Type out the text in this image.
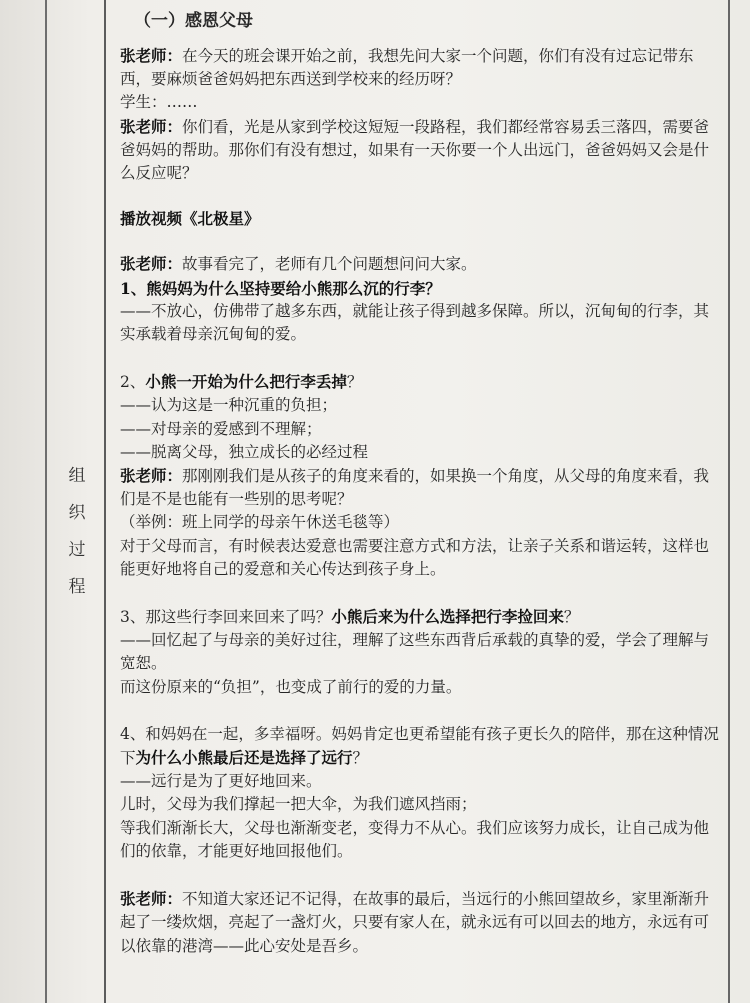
组
织
过
程
（一）感恩父母

张老师：在今天的班会课开始之前，我想先问大家一个问题，你们有没有过忘记带东西，要麻烦爸爸妈妈把东西送到学校来的经历呀？

学生：……

张老师：你们看，光是从家到学校这短短一段路程，我们都经常容易丢三落四，需要爸爸妈妈的帮助。那你们有没有想过，如果有一天你要一个人出远门，爸爸妈妈又会是什么反应呢？

播放视频《北极星》

张老师：故事看完了，老师有几个问题想问问大家。

1、熊妈妈为什么坚持要给小熊那么沉的行李？

——不放心，仿佛带了越多东西，就能让孩子得到越多保障。所以，沉甸甸的行李，其实承载着母亲沉甸甸的爱。

2、小熊一开始为什么把行李丢掉？

——认为这是一种沉重的负担；

——对母亲的爱感到不理解；

——脱离父母，独立成长的必经过程

张老师：那刚刚我们是从孩子的角度来看的，如果换一个角度，从父母的角度来看，我们是不是也能有一些别的思考呢？

（举例：班上同学的母亲午休送毛毯等）

对于父母而言，有时候表达爱意也需要注意方式和方法，让亲子关系和谐运转，这样也能更好地将自己的爱意和关心传达到孩子身上。

3、那这些行李回来回来了吗？小熊后来为什么选择把行李捡回来？

——回忆起了与母亲的美好过往，理解了这些东西背后承载的真挚的爱，学会了理解与宽恕。

而这份原来的“负担”，也变成了前行的爱的力量。

4、和妈妈在一起，多幸福呀。妈妈肯定也更希望能有孩子更长久的陪伴，那在这种情况下为什么小熊最后还是选择了远行？

——远行是为了更好地回来。

儿时，父母为我们撑起一把大伞，为我们遮风挡雨；

等我们渐渐长大，父母也渐渐变老，变得力不从心。我们应该努力成长，让自己成为他们的依靠，才能更好地回报他们。

张老师：不知道大家还记不记得，在故事的最后，当远行的小熊回望故乡，家里渐渐升起了一缕炊烟，亮起了一盏灯火，只要有家人在，就永远有可以回去的地方，永远有可以依靠的港湾——此心安处是吾乡。
